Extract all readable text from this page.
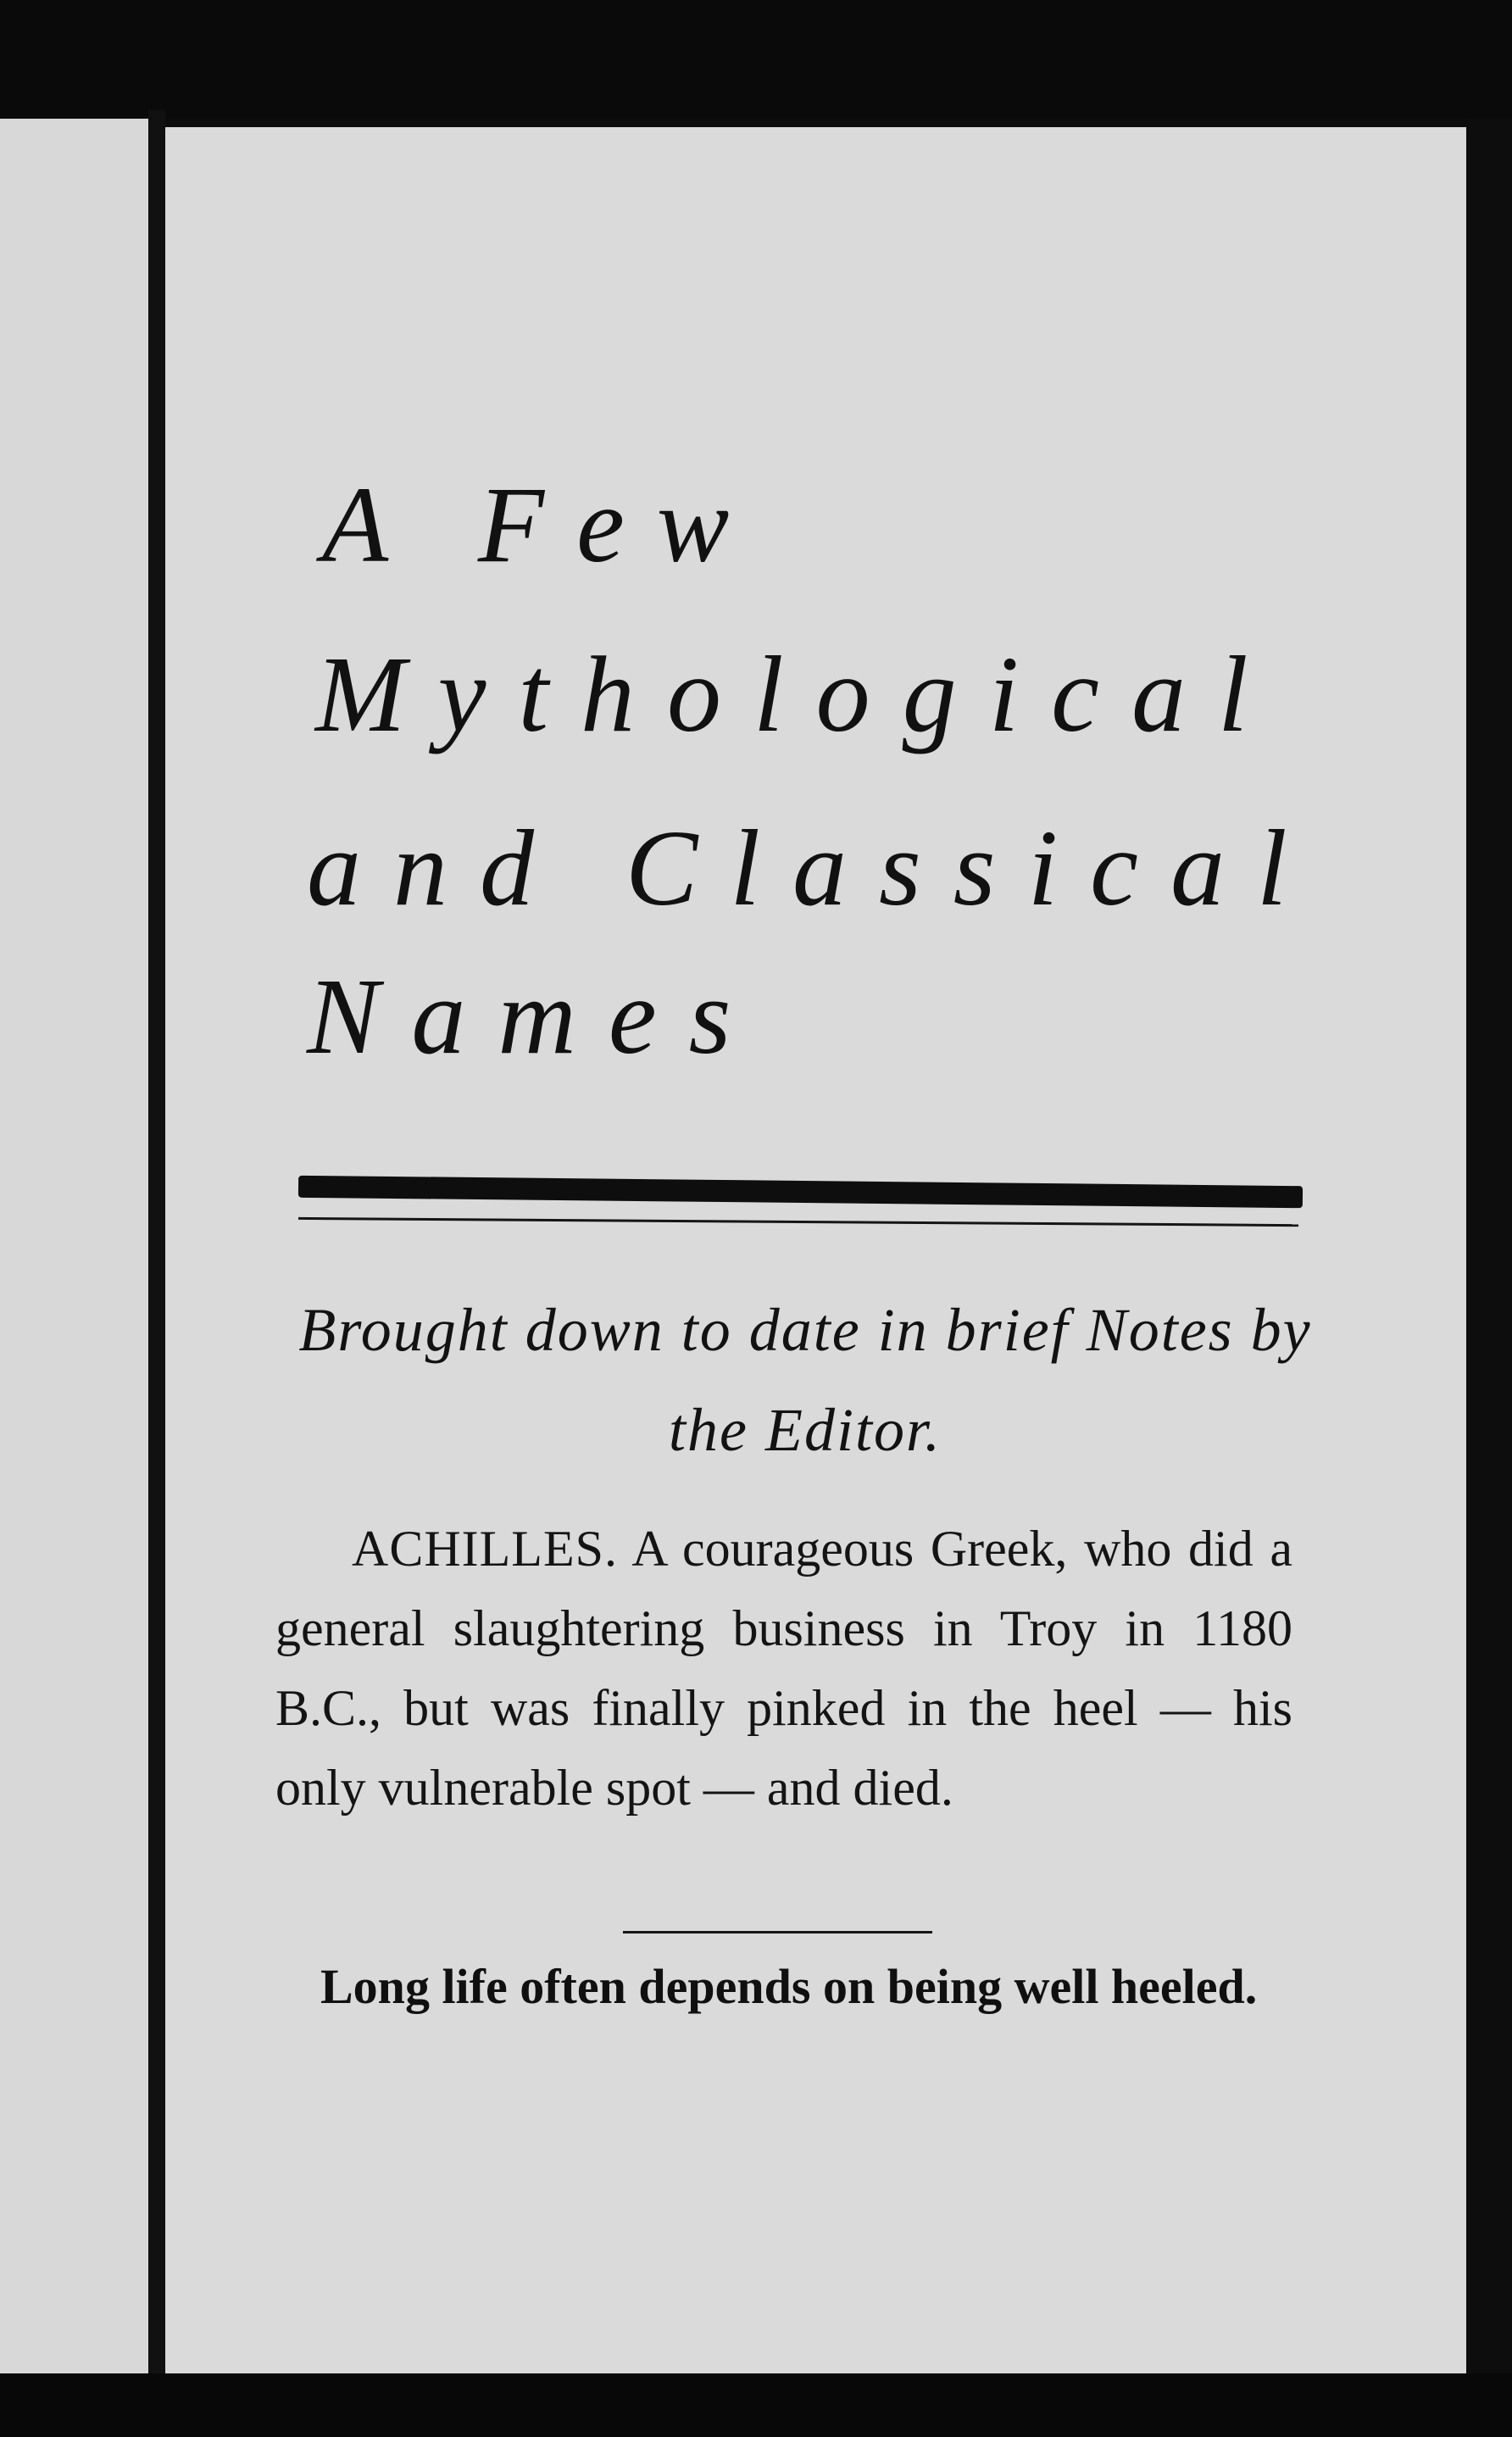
A Few
Mythological
and Classical
Names
Brought down to date in brief Notes by the Editor.
ACHILLES. A courageous Greek, who did a general slaughtering business in Troy in 1180 B.C., but was finally pinked in the heel — his only vulnerable spot — and died.
Long life often depends on being well heeled.
